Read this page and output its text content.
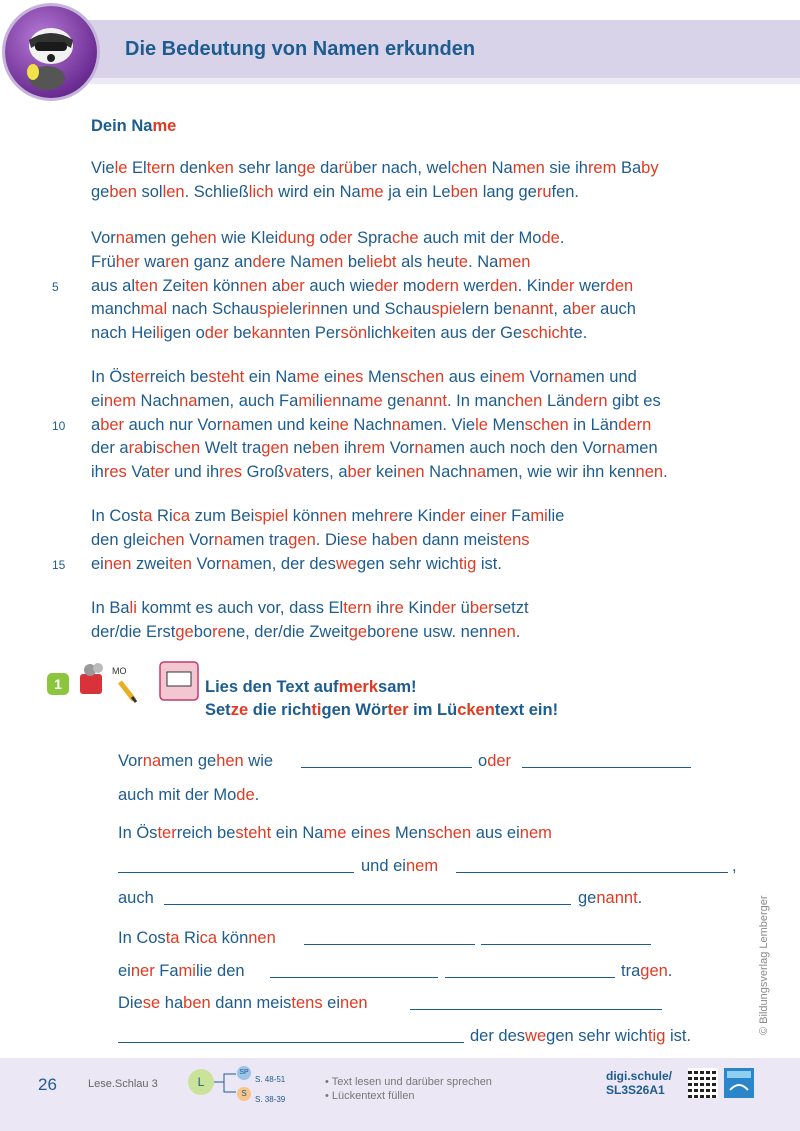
Die Bedeutung von Namen erkunden
Dein Name
Viele Eltern denken sehr lange darüber nach, welchen Namen sie ihrem Baby
geben sollen. Schließlich wird ein Name ja ein Leben lang gerufen.
Vornamen gehen wie Kleidung oder Sprache auch mit der Mode.
Früher waren ganz andere Namen beliebt als heute. Namen
aus alten Zeiten können aber auch wieder modern werden. Kinder werden
manchmal nach Schauspielerinnen und Schauspielern benannt, aber auch
nach Heiligen oder bekannten Persönlichkeiten aus der Geschichte.
In Österreich besteht ein Name eines Menschen aus einem Vornamen und
einem Nachnamen, auch Familienname genannt. In manchen Ländern gibt es
aber auch nur Vornamen und keine Nachnamen. Viele Menschen in Ländern
der arabischen Welt tragen neben ihrem Vornamen auch noch den Vornamen
ihres Vater und ihres Großvaters, aber keinen Nachnamen, wie wir ihn kennen.
In Costa Rica zum Beispiel können mehrere Kinder einer Familie
den gleichen Vornamen tragen. Diese haben dann meistens
einen zweiten Vornamen, der deswegen sehr wichtig ist.
In Bali kommt es auch vor, dass Eltern ihre Kinder übersetzt
der/die Erstgeborene, der/die Zweitgeborene usw. nennen.
5
10
15
1
MO
Lies den Text aufmerksam!
Setze die richtigen Wörter im Lückentext ein!
Vornamen gehen wie	oder
auch mit der Mode.
In Österreich besteht ein Name eines Menschen aus einem
und einem	,
auch	genannt.
In Costa Rica können
einer Familie den	tragen.
Diese haben dann meistens einen
der deswegen sehr wichtig ist.
© Bildungsverlag Lemberger
26	Lese.Schlau 3	L
SP
S. 48-51
S
S. 38-39
• Text lesen und darüber sprechen
• Lückentext füllen
digi.schule/
SL3S26A1
